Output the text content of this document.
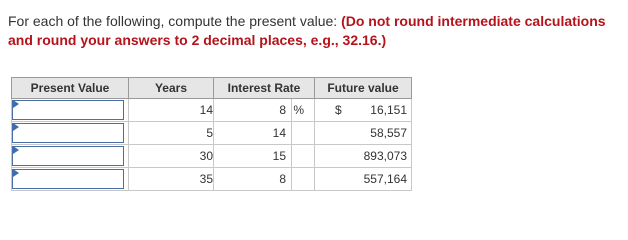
For each of the following, compute the present value: (Do not round intermediate calculations and round your answers to 2 decimal places, e.g., 32.16.)
Present Value	Years	Interest Rate	Future value

	14	8 %	$ 16,151

	5	14	58,557

	30	15	893,073

	35	8	557,164
